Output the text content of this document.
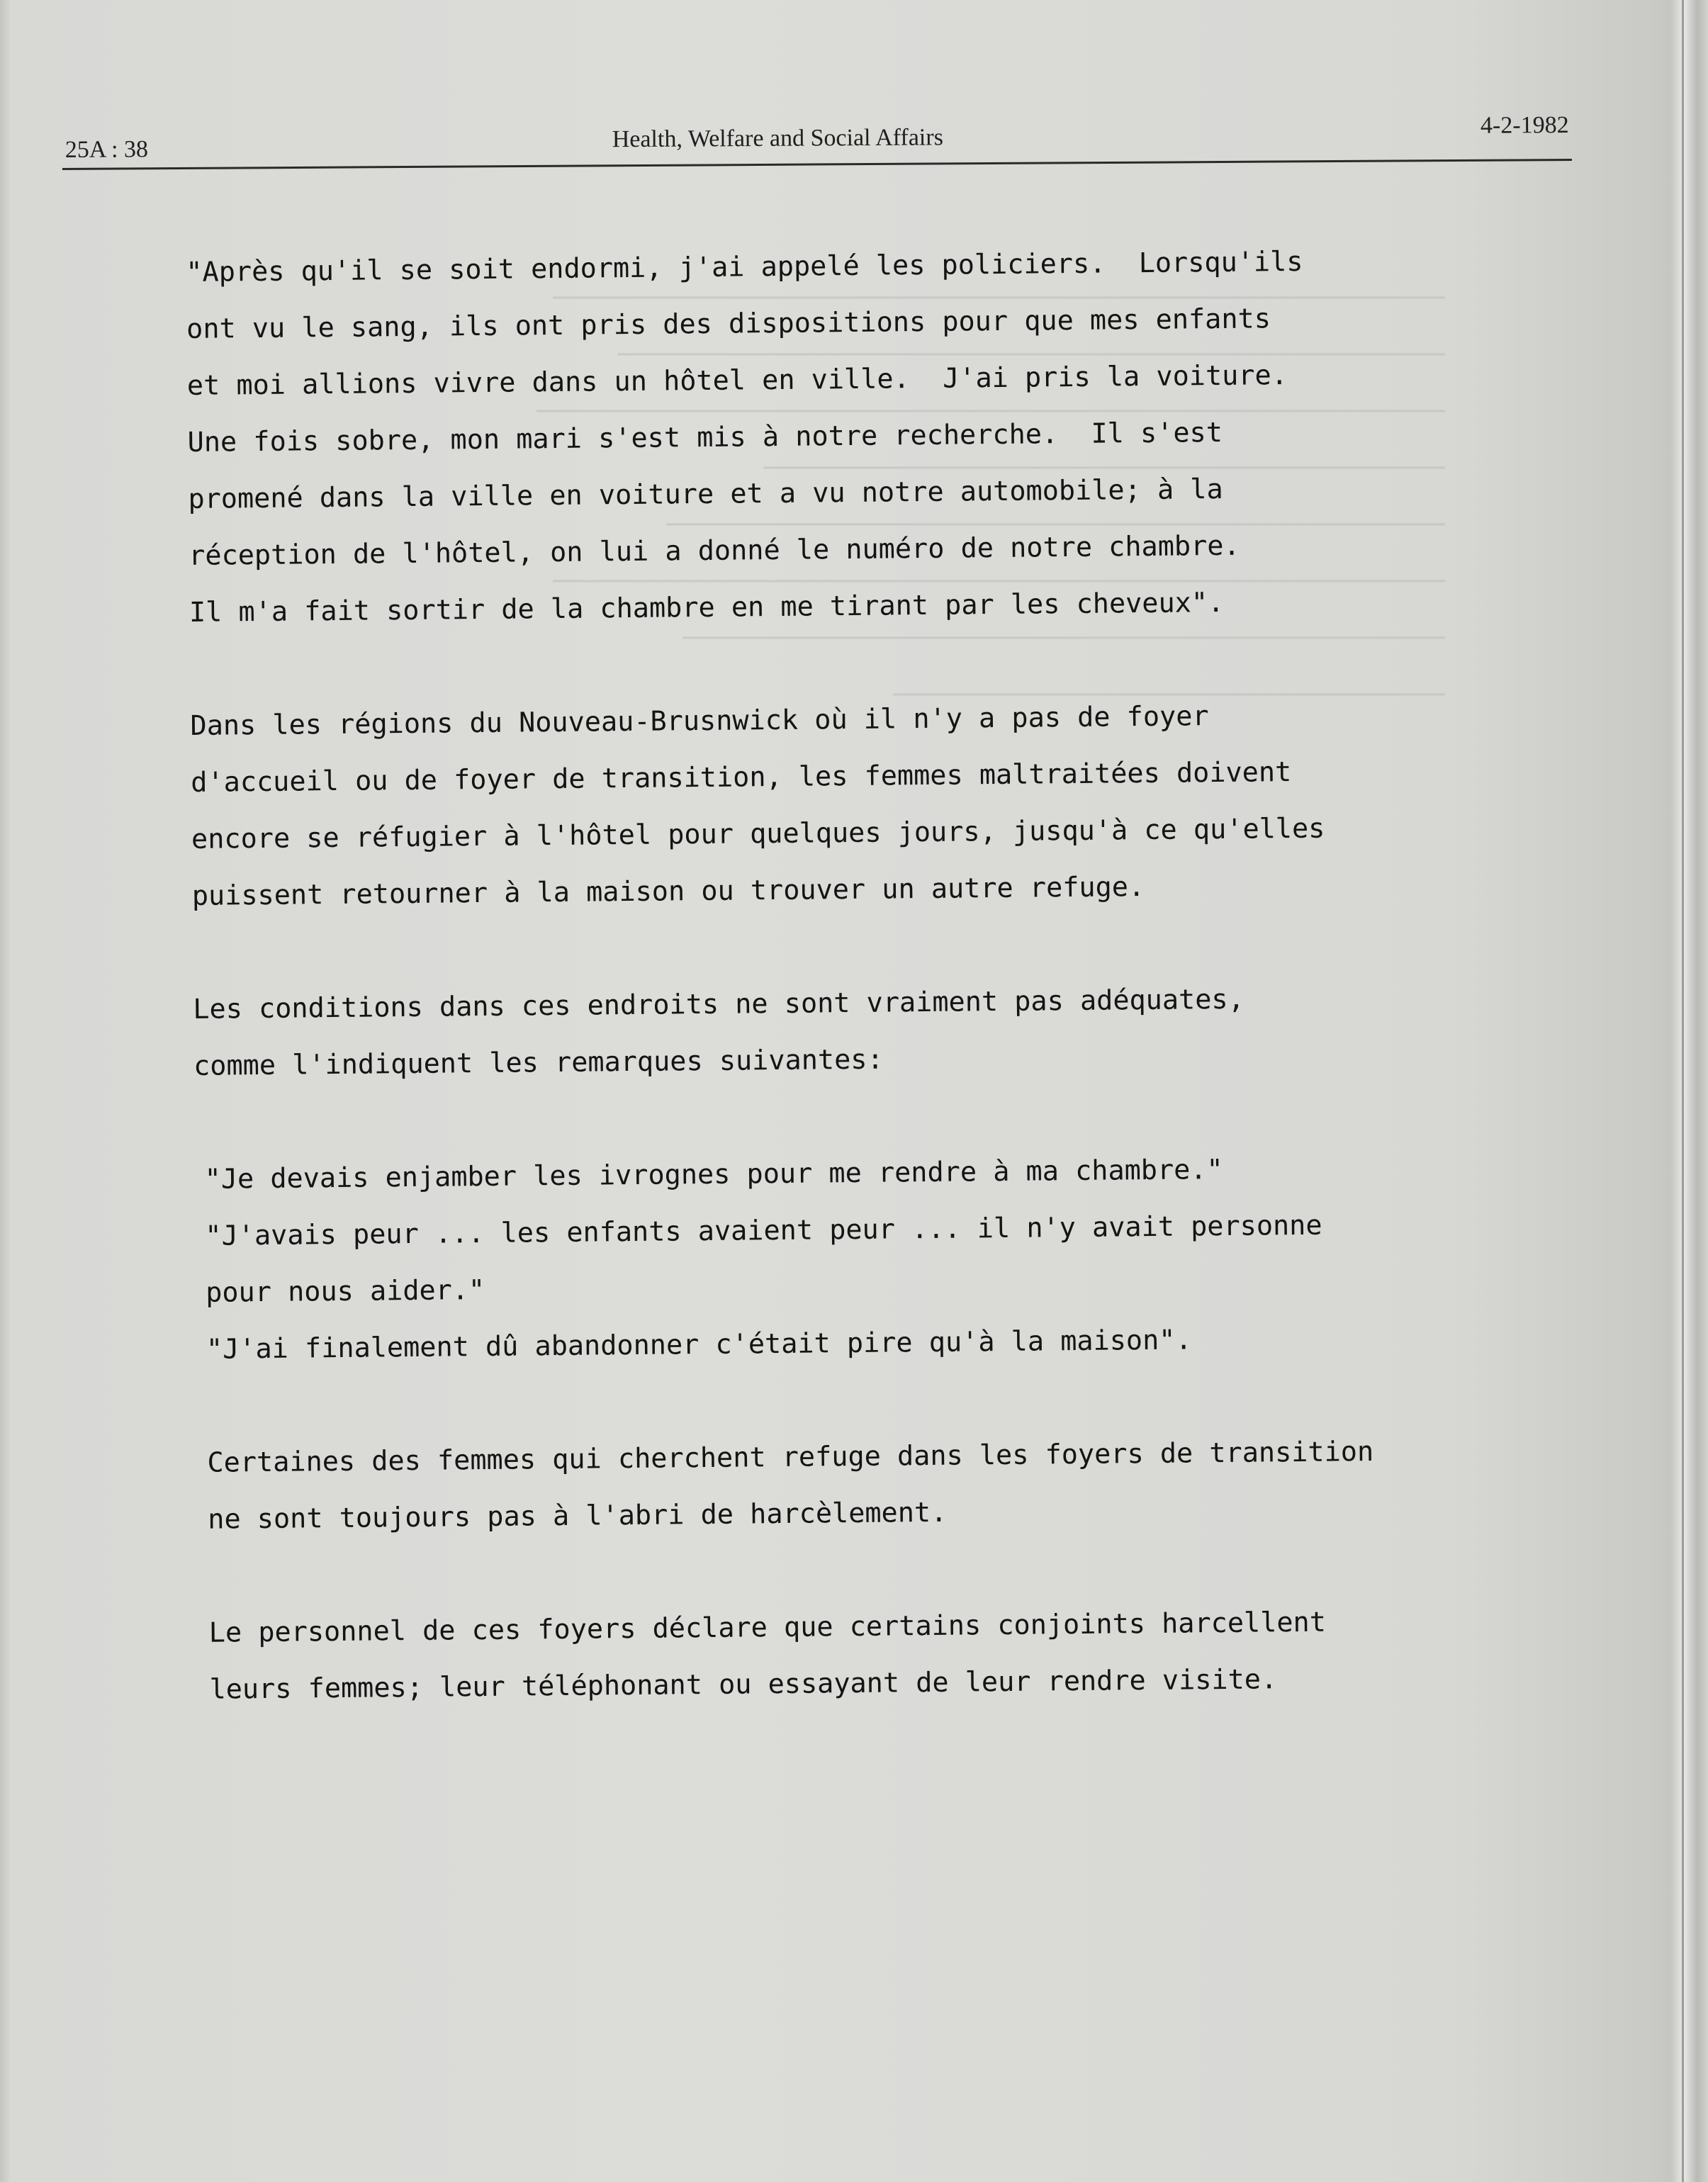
───────────────────────────────────────────────────────
───────────────────────────────────────────────────
────────────────────────────────────────────────────────
──────────────────────────────────────────
────────────────────────────────────────────────
───────────────────────────────────────────────────────
───────────────────────────────────────────────
──────────────────────────────────

25A : 38	Health, Welfare and Social Affairs	4-2-1982
"Après qu'il se soit endormi, j'ai appelé les policiers.  Lorsqu'ils
ont vu le sang, ils ont pris des dispositions pour que mes enfants
et moi allions vivre dans un hôtel en ville.  J'ai pris la voiture.
Une fois sobre, mon mari s'est mis à notre recherche.  Il s'est
promené dans la ville en voiture et a vu notre automobile; à la
réception de l'hôtel, on lui a donné le numéro de notre chambre.
Il m'a fait sortir de la chambre en me tirant par les cheveux".
Dans les régions du Nouveau-Brusnwick où il n'y a pas de foyer
d'accueil ou de foyer de transition, les femmes maltraitées doivent
encore se réfugier à l'hôtel pour quelques jours, jusqu'à ce qu'elles
puissent retourner à la maison ou trouver un autre refuge.
Les conditions dans ces endroits ne sont vraiment pas adéquates,
comme l'indiquent les remarques suivantes:
"Je devais enjamber les ivrognes pour me rendre à ma chambre."
"J'avais peur ... les enfants avaient peur ... il n'y avait personne
pour nous aider."
"J'ai finalement dû abandonner c'était pire qu'à la maison".
Certaines des femmes qui cherchent refuge dans les foyers de transition
ne sont toujours pas à l'abri de harcèlement.
Le personnel de ces foyers déclare que certains conjoints harcellent
leurs femmes; leur téléphonant ou essayant de leur rendre visite.
